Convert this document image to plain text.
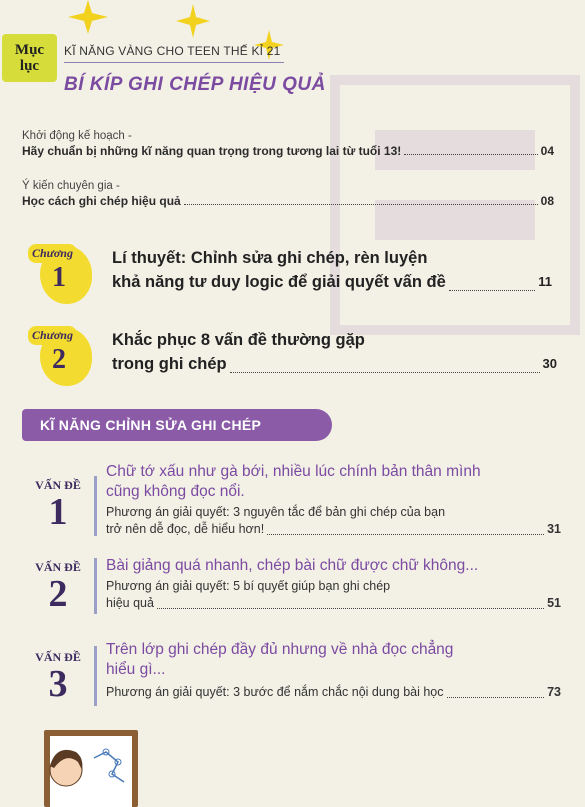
Mục
lục
KĨ NĂNG VÀNG CHO TEEN THẾ KỈ 21
BÍ KÍP GHI CHÉP HIỆU QUẢ
Khởi động kế hoạch -
Hãy chuẩn bị những kĩ năng quan trọng trong tương lai từ tuổi 13!	04
Ý kiến chuyên gia -
Học cách ghi chép hiệu quả	08
Chương
1
Lí thuyết: Chỉnh sửa ghi chép, rèn luyện
khả năng tư duy logic để giải quyết vấn đề	11
Chương
2
Khắc phục 8 vấn đề thường gặp
trong ghi chép	30
KĨ NĂNG CHỈNH SỬA GHI CHÉP
VẤN ĐỀ
1
Chữ tớ xấu như gà bới, nhiều lúc chính bản thân mình
cũng không đọc nổi.
Phương án giải quyết: 3 nguyên tắc để bản ghi chép của bạn
trở nên dễ đọc, dễ hiểu hơn!	31
VẤN ĐỀ
2
Bài giảng quá nhanh, chép bài chữ được chữ không...
Phương án giải quyết: 5 bí quyết giúp bạn ghi chép
hiệu quả	51
VẤN ĐỀ
3
Trên lớp ghi chép đầy đủ nhưng về nhà đọc chẳng
hiểu gì...
Phương án giải quyết: 3 bước để nắm chắc nội dung bài học	73
